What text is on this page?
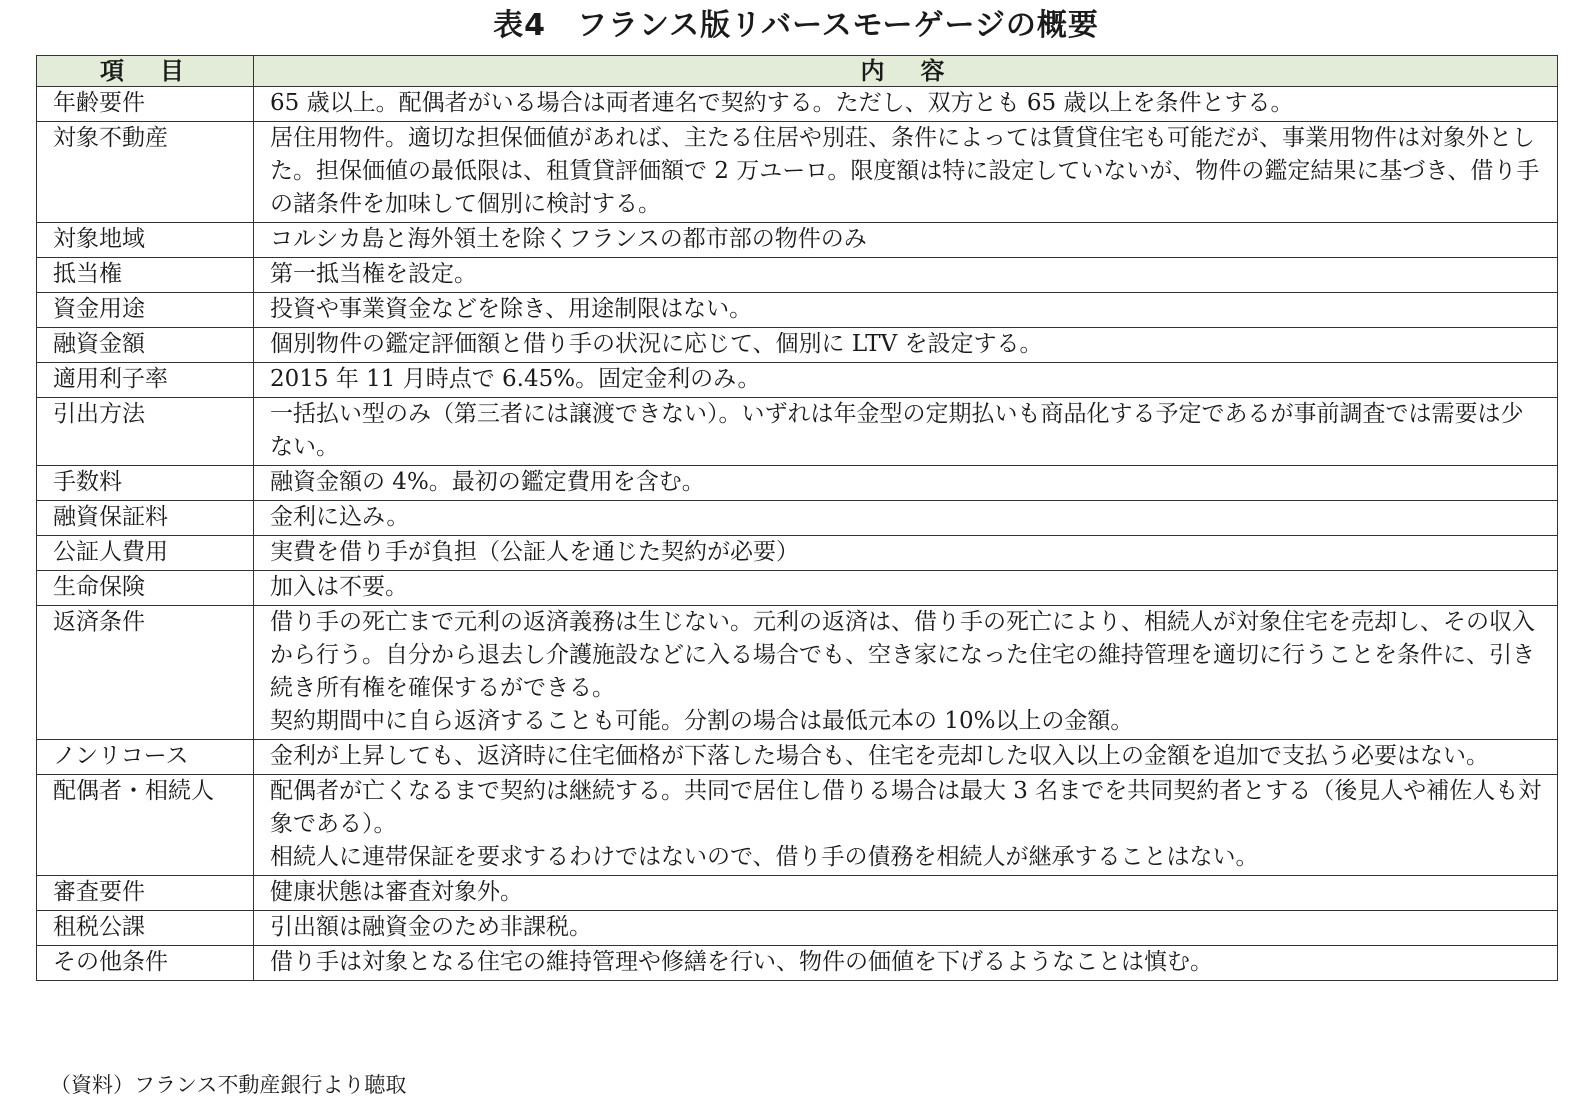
表4　フランス版リバースモーゲージの概要
項　目	内　容
年齢要件	65 歳以上。配偶者がいる場合は両者連名で契約する。ただし、双方とも 65 歳以上を条件とする。

対象不動産	居住用物件。適切な担保価値があれば、主たる住居や別荘、条件によっては賃貸住宅も可能だが、事業用物件は対象外とした。担保価値の最低限は、租賃貸評価額で 2 万ユーロ。限度額は特に設定していないが、物件の鑑定結果に基づき、借り手の諸条件を加味して個別に検討する。

対象地域	コルシカ島と海外領土を除くフランスの都市部の物件のみ

抵当権	第一抵当権を設定。

資金用途	投資や事業資金などを除き、用途制限はない。

融資金額	個別物件の鑑定評価額と借り手の状況に応じて、個別に LTV を設定する。

適用利子率	2015 年 11 月時点で 6.45%。固定金利のみ。

引出方法	一括払い型のみ（第三者には譲渡できない）。いずれは年金型の定期払いも商品化する予定であるが事前調査では需要は少ない。

手数料	融資金額の 4%。最初の鑑定費用を含む。

融資保証料	金利に込み。

公証人費用	実費を借り手が負担（公証人を通じた契約が必要）

生命保険	加入は不要。

返済条件	借り手の死亡まで元利の返済義務は生じない。元利の返済は、借り手の死亡により、相続人が対象住宅を売却し、その収入から行う。自分から退去し介護施設などに入る場合でも、空き家になった住宅の維持管理を適切に行うことを条件に、引き続き所有権を確保するができる。
契約期間中に自ら返済することも可能。分割の場合は最低元本の 10%以上の金額。

ノンリコース	金利が上昇しても、返済時に住宅価格が下落した場合も、住宅を売却した収入以上の金額を追加で支払う必要はない。

配偶者・相続人	配偶者が亡くなるまで契約は継続する。共同で居住し借りる場合は最大 3 名までを共同契約者とする（後見人や補佐人も対象である）。
相続人に連帯保証を要求するわけではないので、借り手の債務を相続人が継承することはない。

審査要件	健康状態は審査対象外。

租税公課	引出額は融資金のため非課税。

その他条件	借り手は対象となる住宅の維持管理や修繕を行い、物件の価値を下げるようなことは慎む。
（資料）フランス不動産銀行より聴取
